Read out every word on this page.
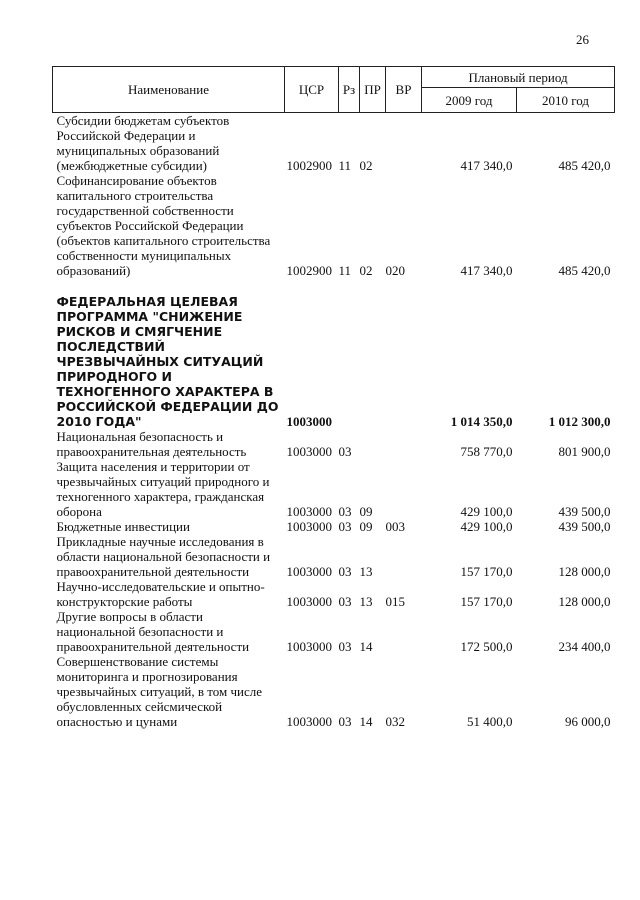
26
Наименование	ЦСР	Рз	ПР	ВР	Плановый период	
					2009 год	2010 год
Субсидии бюджетам субъектов Российской Федерации и муниципальных образований (межбюджетные субсидии)	1002900	11	02		417 340,0	485 420,0
Софинансирование объектов капитального строительства государственной собственности субъектов Российской Федерации (объектов капитального строительства собственности муниципальных образований)	1002900	11	02	020	417 340,0	485 420,0

ФЕДЕРАЛЬНАЯ ЦЕЛЕВАЯ ПРОГРАММА "СНИЖЕНИЕ РИСКОВ И СМЯГЧЕНИЕ ПОСЛЕДСТВИЙ ЧРЕЗВЫЧАЙНЫХ СИТУАЦИЙ ПРИРОДНОГО И ТЕХНОГЕННОГО ХАРАКТЕРА В РОССИЙСКОЙ ФЕДЕРАЦИИ ДО 2010 ГОДА"	1003000				1 014 350,0	1 012 300,0
Национальная безопасность и правоохранительная деятельность	1003000	03			758 770,0	801 900,0
Защита населения и территории от чрезвычайных ситуаций природного и техногенного характера, гражданская оборона	1003000	03	09		429 100,0	439 500,0
Бюджетные инвестиции	1003000	03	09	003	429 100,0	439 500,0
Прикладные научные исследования в области национальной безопасности и правоохранительной деятельности	1003000	03	13		157 170,0	128 000,0
Научно-исследовательские и опытно-конструкторские работы	1003000	03	13	015	157 170,0	128 000,0
Другие вопросы в области национальной безопасности и правоохранительной деятельности	1003000	03	14		172 500,0	234 400,0
Совершенствование системы мониторинга и прогнозирования чрезвычайных ситуаций, в том числе обусловленных сейсмической опасностью и цунами	1003000	03	14	032	51 400,0	96 000,0
